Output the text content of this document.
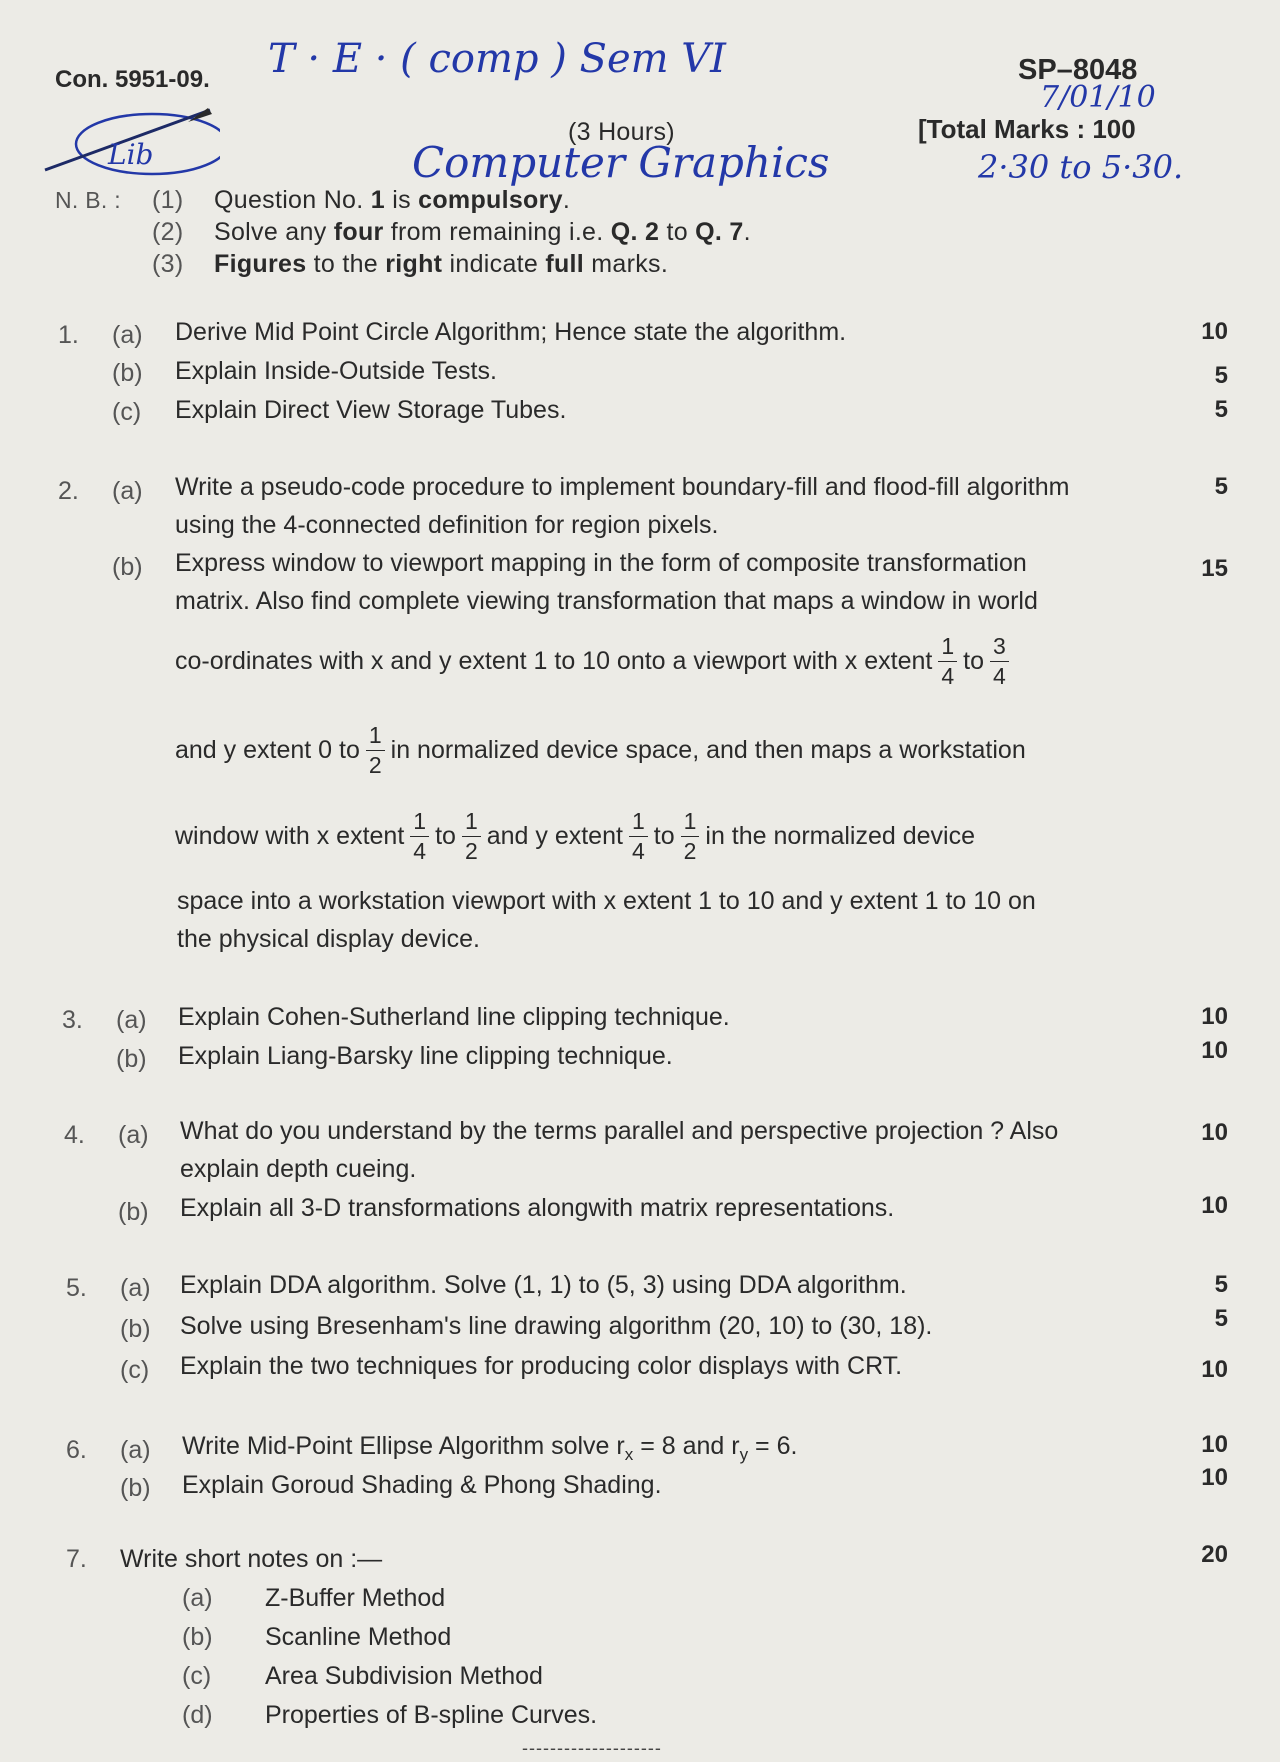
Con. 5951-09. T · E · ( comp ) Sem VI	SP–8048
7/01/10
(3 Hours)	[Total Marks : 100
Computer Graphics	2·30 to 5·30.
Lib
N. B. : (1) Question No. 1 is compulsory.
(2) Solve any four from remaining i.e. Q. 2 to Q. 7.
(3) Figures to the right indicate full marks.
1. (a) Derive Mid Point Circle Algorithm; Hence state the algorithm.	10
(b) Explain Inside-Outside Tests.	5
(c) Explain Direct View Storage Tubes.	5
2. (a) Write a pseudo-code procedure to implement boundary-fill and flood-fill algorithm	5
using the 4-connected definition for region pixels.
(b) Express window to viewport mapping in the form of composite transformation	15
matrix. Also find complete viewing transformation that maps a window in world
co-ordinates with x and y extent 1 to 10 onto a viewport with x extent $\frac{1}{4}$ to $\frac{3}{4}$
and y extent 0 to $\frac{1}{2}$ in normalized device space, and then maps a workstation
window with x extent $\frac{1}{4}$ to $\frac{1}{2}$ and y extent $\frac{1}{4}$ to $\frac{1}{2}$ in the normalized device
space into a workstation viewport with x extent 1 to 10 and y extent 1 to 10 on
the physical display device.
3. (a) Explain Cohen-Sutherland line clipping technique.	10
(b) Explain Liang-Barsky line clipping technique.	10
4. (a) What do you understand by the terms parallel and perspective projection ? Also	10
explain depth cueing.
(b) Explain all 3-D transformations alongwith matrix representations.	10
5. (a) Explain DDA algorithm. Solve (1, 1) to (5, 3) using DDA algorithm.	5
(b) Solve using Bresenham's line drawing algorithm (20, 10) to (30, 18).	5
(c) Explain the two techniques for producing color displays with CRT.	10
6. (a) Write Mid-Point Ellipse Algorithm solve $r_x = 8$ and $r_y = 6$.	10
(b) Explain Goroud Shading & Phong Shading.	10
7. Write short notes on :—	20
(a) Z-Buffer Method
(b) Scanline Method
(c) Area Subdivision Method
(d) Properties of B-spline Curves.
--------------------
